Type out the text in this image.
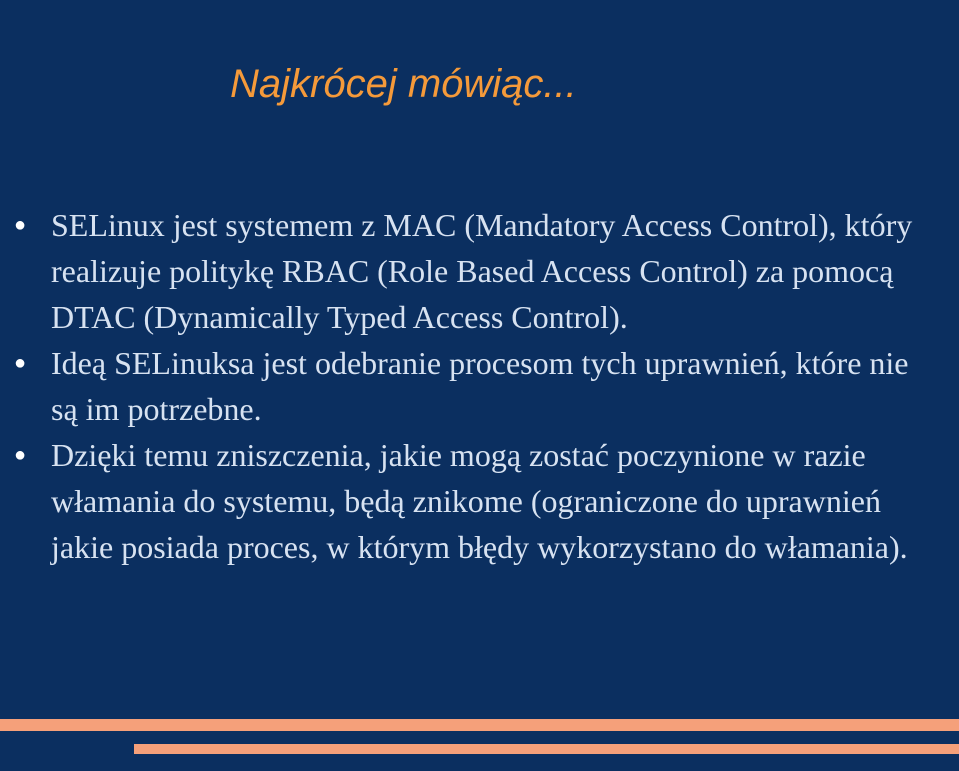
Najkrócej mówiąc...
● SELinux jest systemem z MAC (Mandatory Access Control), który realizuje politykę RBAC (Role Based Access Control) za pomocą DTAC (Dynamically Typed Access Control).
● Ideą SELinuksa jest odebranie procesom tych uprawnień, które nie są im potrzebne.
● Dzięki temu zniszczenia, jakie mogą zostać poczynione w razie włamania do systemu, będą znikome (ograniczone do uprawnień jakie posiada proces, w którym błędy wykorzystano do włamania).
